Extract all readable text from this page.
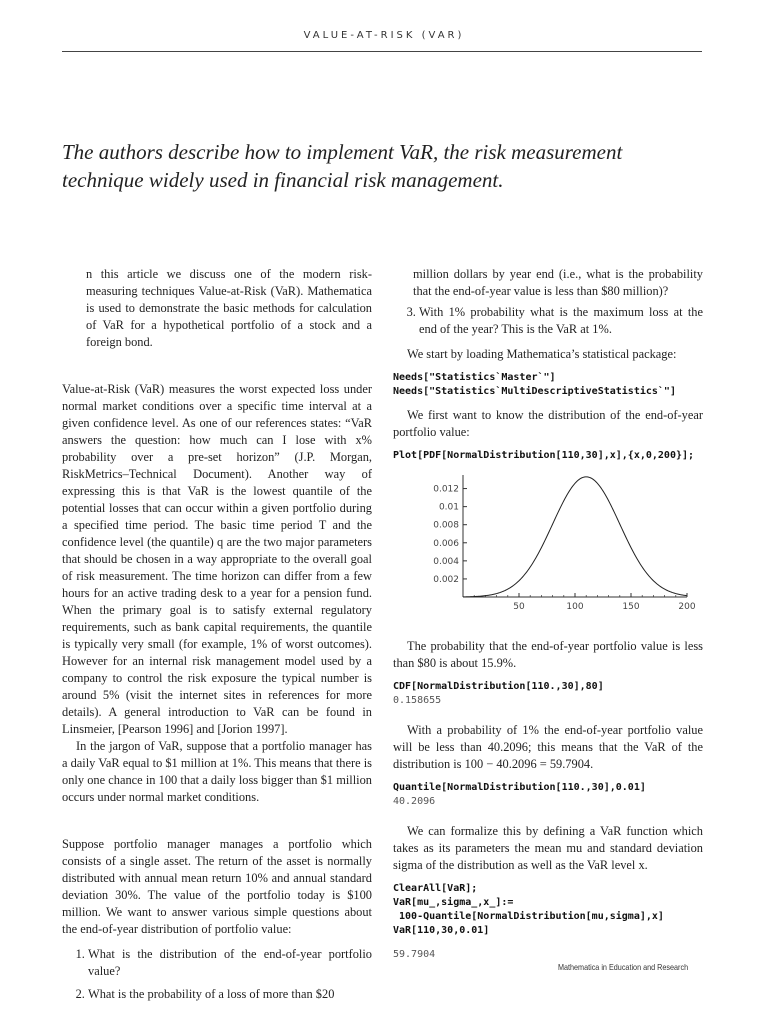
VALUE-AT-RISK (VAR)
The authors describe how to implement VaR, the risk measurement technique widely used in financial risk management.

n this article we discuss one of the modern risk-measuring techniques Value-at-Risk (VaR). Mathematica is used to demonstrate the basic methods for calculation of VaR for a hypothetical portfolio of a stock and a foreign bond.

Value-at-Risk (VaR) measures the worst expected loss under normal market conditions over a specific time interval at a given confidence level. As one of our references states: “VaR answers the question: how much can I lose with x% probability over a pre-set horizon” (J.P. Morgan, RiskMetrics–Technical Document). Another way of expressing this is that VaR is the lowest quantile of the potential losses that can occur within a given portfolio during a specified time period. The basic time period T and the confidence level (the quantile) q are the two major parameters that should be chosen in a way appropriate to the overall goal of risk measurement. The time horizon can differ from a few hours for an active trading desk to a year for a pension fund. When the primary goal is to satisfy external regulatory requirements, such as bank capital requirements, the quantile is typically very small (for example, 1% of worst outcomes). However for an internal risk management model used by a company to control the risk exposure the typical number is around 5% (visit the internet sites in references for more details). A general introduction to VaR can be found in Linsmeier, [Pearson 1996] and [Jorion 1997].

In the jargon of VaR, suppose that a portfolio manager has a daily VaR equal to $1 million at 1%. This means that there is only one chance in 100 that a daily loss bigger than $1 million occurs under normal market conditions.

Suppose portfolio manager manages a portfolio which consists of a single asset. The return of the asset is normally distributed with annual mean return 10% and annual standard deviation 30%. The value of the portfolio today is $100 million. We want to answer various simple questions about the end-of-year distribution of portfolio value:

1. What is the distribution of the end-of-year portfolio value?
2. What is the probability of a loss of more than $20

million dollars by year end (i.e., what is the probability that the end-of-year value is less than $80 million)?

3. With 1% probability what is the maximum loss at the end of the year? This is the VaR at 1%.

We start by loading Mathematica’s statistical package:

Needs["Statistics`Master`"]
Needs["Statistics`MultiDescriptiveStatistics`"]

We first want to know the distribution of the end-of-year portfolio value:

Plot[PDF[NormalDistribution[110,30],x],{x,0,200}];
50	100	150	200
0.002
0.004
0.006
0.008
0.01
0.012

The probability that the end-of-year portfolio value is less than $80 is about 15.9%.

CDF[NormalDistribution[110.,30],80]
0.158655

With a probability of 1% the end-of-year portfolio value will be less than 40.2096; this means that the VaR of the distribution is 100 − 40.2096 = 59.7904.

Quantile[NormalDistribution[110.,30],0.01]
40.2096

We can formalize this by defining a VaR function which takes as its parameters the mean mu and standard deviation sigma of the distribution as well as the VaR level x.

ClearAll[VaR];
VaR[mu_,sigma_,x_]:=
100-Quantile[NormalDistribution[mu,sigma],x]
VaR[110,30,0.01]
59.7904
Mathematica in Education and Research
